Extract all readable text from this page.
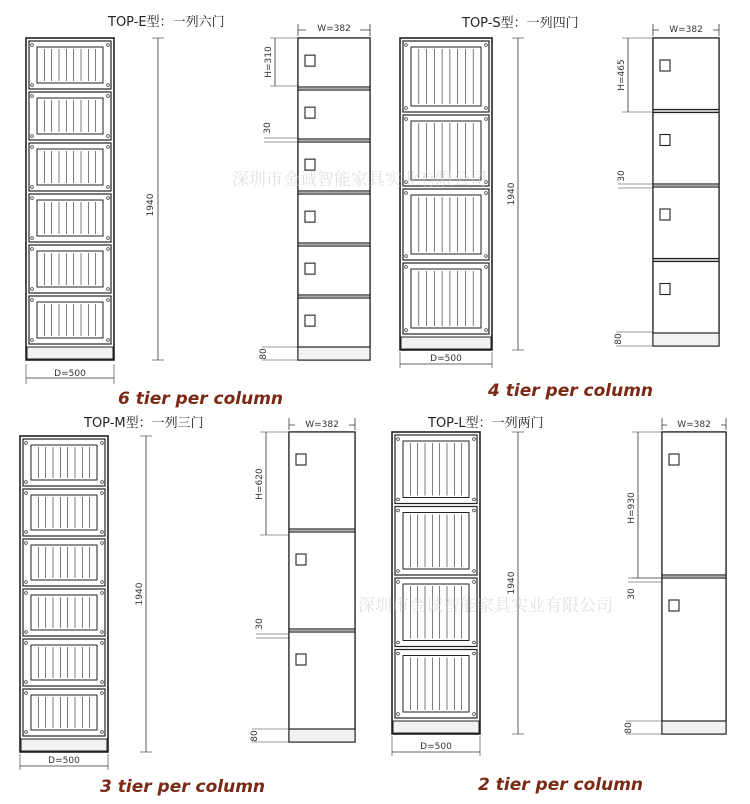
TOP-E型：一列六门	W=382
H=310
30
1940
80
D=500
6 tier per column
TOP-S型：一列四门	W=382
H=465
30
1940
80
D=500
4 tier per column
TOP-M型：一列三门	W=382
H=620
30
1940
80
D=500
3 tier per column
TOP-L型：一列两门	W=382
H=930
30
1940
80
D=500
2 tier per column
深圳市金诚智能家具实业有限公司
深圳市金诚智能家具实业有限公司
